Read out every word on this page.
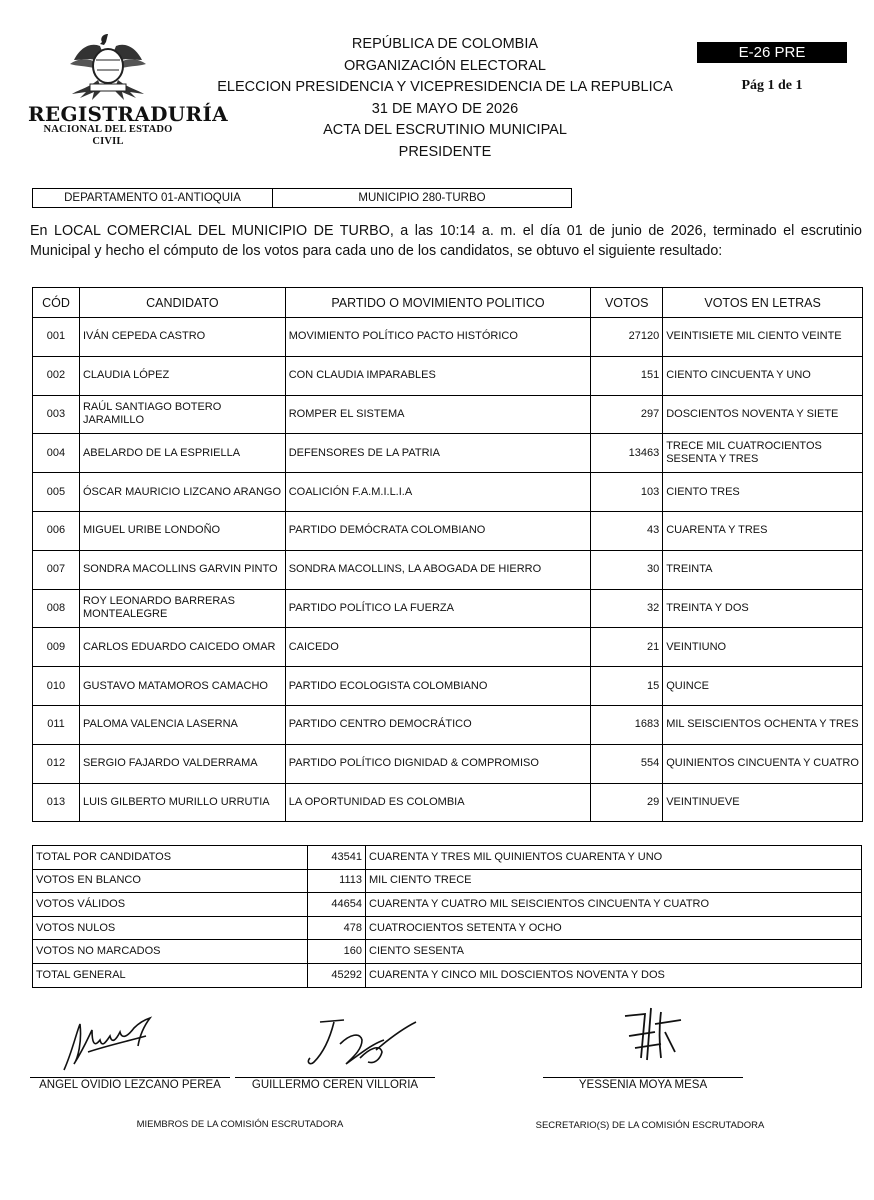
REGISTRADURÍA
NACIONAL DEL ESTADO CIVIL
REPÚBLICA DE COLOMBIA
ORGANIZACIÓN ELECTORAL
ELECCION PRESIDENCIA Y VICEPRESIDENCIA DE LA REPUBLICA
31 DE MAYO DE 2026
ACTA DEL ESCRUTINIO MUNICIPAL
PRESIDENTE
E-26 PRE
Pág 1 de 1
DEPARTAMENTO 01-ANTIOQUIA	MUNICIPIO 280-TURBO
En LOCAL COMERCIAL DEL MUNICIPIO DE TURBO, a las 10:14 a. m. el día 01 de junio de 2026, terminado el escrutinio Municipal y hecho el cómputo de los votos para cada uno de los candidatos, se obtuvo el siguiente resultado:
CÓD	CANDIDATO	PARTIDO O MOVIMIENTO POLITICO	VOTOS	VOTOS EN LETRAS
001	IVÁN CEPEDA CASTRO	MOVIMIENTO POLÍTICO PACTO HISTÓRICO	27120	VEINTISIETE MIL CIENTO VEINTE
002	CLAUDIA LÓPEZ	CON CLAUDIA IMPARABLES	151	CIENTO CINCUENTA Y UNO
003	RAÚL SANTIAGO BOTERO JARAMILLO	ROMPER EL SISTEMA	297	DOSCIENTOS NOVENTA Y SIETE
004	ABELARDO DE LA ESPRIELLA	DEFENSORES DE LA PATRIA	13463	TRECE MIL CUATROCIENTOS SESENTA Y TRES
005	ÓSCAR MAURICIO LIZCANO ARANGO	COALICIÓN F.A.M.I.L.I.A	103	CIENTO TRES
006	MIGUEL URIBE LONDOÑO	PARTIDO DEMÓCRATA COLOMBIANO	43	CUARENTA Y TRES
007	SONDRA MACOLLINS GARVIN PINTO	SONDRA MACOLLINS, LA ABOGADA DE HIERRO	30	TREINTA
008	ROY LEONARDO BARRERAS MONTEALEGRE	PARTIDO POLÍTICO LA FUERZA	32	TREINTA Y DOS
009	CARLOS EDUARDO CAICEDO OMAR	CAICEDO	21	VEINTIUNO
010	GUSTAVO MATAMOROS CAMACHO	PARTIDO ECOLOGISTA COLOMBIANO	15	QUINCE
011	PALOMA VALENCIA LASERNA	PARTIDO CENTRO DEMOCRÁTICO	1683	MIL SEISCIENTOS OCHENTA Y TRES
012	SERGIO FAJARDO VALDERRAMA	PARTIDO POLÍTICO DIGNIDAD & COMPROMISO	554	QUINIENTOS CINCUENTA Y CUATRO
013	LUIS GILBERTO MURILLO URRUTIA	LA OPORTUNIDAD ES COLOMBIA	29	VEINTINUEVE
TOTAL POR CANDIDATOS	43541	CUARENTA Y TRES MIL QUINIENTOS CUARENTA Y UNO
VOTOS EN BLANCO	1113	MIL CIENTO TRECE
VOTOS VÁLIDOS	44654	CUARENTA Y CUATRO MIL SEISCIENTOS CINCUENTA Y CUATRO
VOTOS NULOS	478	CUATROCIENTOS SETENTA Y OCHO
VOTOS NO MARCADOS	160	CIENTO SESENTA
TOTAL GENERAL	45292	CUARENTA Y CINCO MIL DOSCIENTOS NOVENTA Y DOS
ANGEL OVIDIO LEZCANO PEREA	GUILLERMO CEREN VILLORIA	YESSENIA MOYA MESA
MIEMBROS DE LA COMISIÓN ESCRUTADORA	SECRETARIO(S) DE LA COMISIÓN ESCRUTADORA
